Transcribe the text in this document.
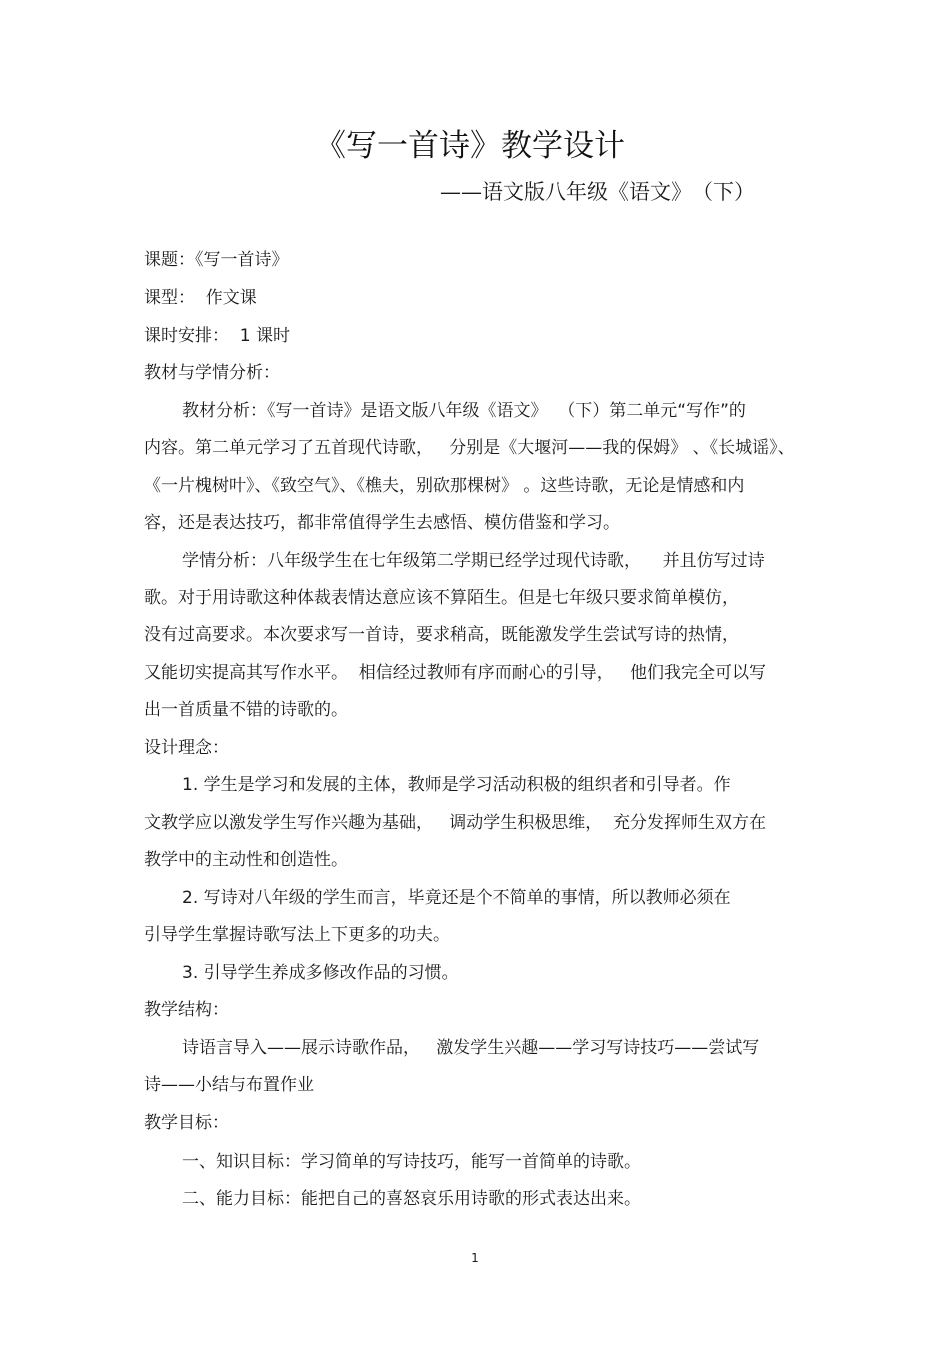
《写一首诗》教学设计
——语文版八年级《语文》　（下）
课题：《写一首诗》
课型：  作文课
课时安排：  1 课时
教材与学情分析：
教材分析：《写一首诗》是语文版八年级《语文》  （下）第二单元“写作”的
内容。第二单元学习了五首现代诗歌，   分别是《大堰河——我的保姆》 、《长城谣》、
《一片槐树叶》、《致空气》、《樵夫，别砍那棵树》 。这些诗歌，无论是情感和内
容，还是表达技巧，都非常值得学生去感悟、模仿借鉴和学习。
学情分析：八年级学生在七年级第二学期已经学过现代诗歌，    并且仿写过诗
歌。对于用诗歌这种体裁表情达意应该不算陌生。但是七年级只要求简单模仿，
没有过高要求。本次要求写一首诗，要求稍高，既能激发学生尝试写诗的热情，
又能切实提高其写作水平。  相信经过教师有序而耐心的引导，   他们我完全可以写
出一首质量不错的诗歌的。
设计理念：
1. 学生是学习和发展的主体，教师是学习活动积极的组织者和引导者。作
文教学应以激发学生写作兴趣为基础，   调动学生积极思维，  充分发挥师生双方在
教学中的主动性和创造性。
2. 写诗对八年级的学生而言，毕竟还是个不简单的事情，所以教师必须在
引导学生掌握诗歌写法上下更多的功夫。
3. 引导学生养成多修改作品的习惯。
教学结构：
诗语言导入——展示诗歌作品，   激发学生兴趣——学习写诗技巧——尝试写
诗——小结与布置作业
教学目标：
一、知识目标：学习简单的写诗技巧，能写一首简单的诗歌。
二、能力目标：能把自己的喜怒哀乐用诗歌的形式表达出来。
1
